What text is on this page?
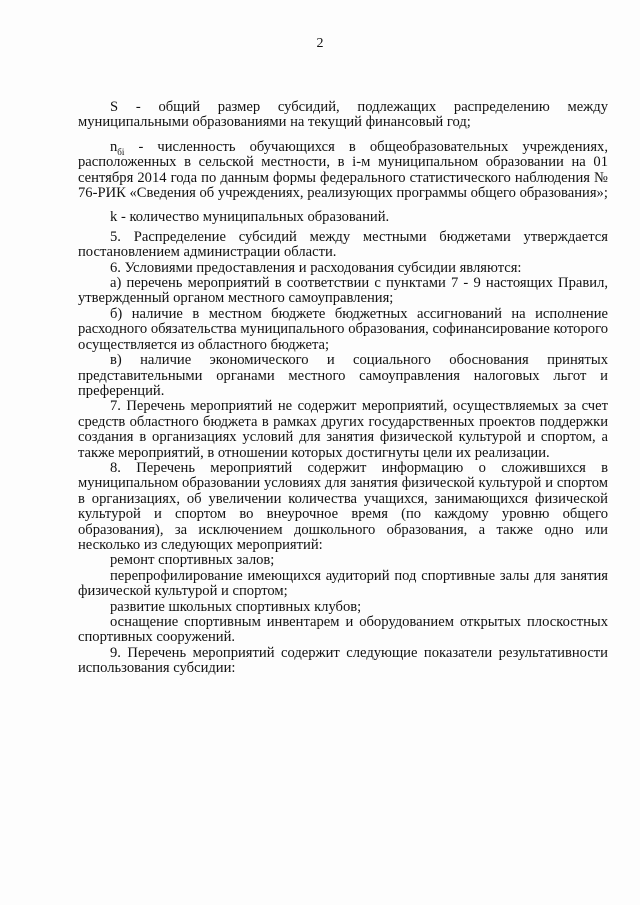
2

S - общий размер субсидий, подлежащих распределению между муниципальными образованиями на текущий финансовый год;

$n_{бi}$ - численность обучающихся в общеобразовательных учреждениях, расположенных в сельской местности, в i-м муниципальном образовании на 01 сентября 2014 года по данным формы федерального статистического наблюдения № 76-РИК «Сведения об учреждениях, реализующих программы общего образования»;

k - количество муниципальных образований.

5. Распределение субсидий между местными бюджетами утверждается постановлением администрации области.

6. Условиями предоставления и расходования субсидии являются:

а) перечень мероприятий в соответствии с пунктами 7 - 9 настоящих Правил, утвержденный органом местного самоуправления;

б) наличие в местном бюджете бюджетных ассигнований на исполнение расходного обязательства муниципального образования, софинансирование которого осуществляется из областного бюджета;

в) наличие экономического и социального обоснования принятых представительными органами местного самоуправления налоговых льгот и преференций.

7. Перечень мероприятий не содержит мероприятий, осуществляемых за счет средств областного бюджета в рамках других государственных проектов поддержки создания в организациях условий для занятия физической культурой и спортом, а также мероприятий, в отношении которых достигнуты цели их реализации.

8. Перечень мероприятий содержит информацию о сложившихся в муниципальном образовании условиях для занятия физической культурой и спортом в организациях, об увеличении количества учащихся, занимающихся физической культурой и спортом во внеурочное время (по каждому уровню общего образования), за исключением дошкольного образования, а также одно или несколько из следующих мероприятий:

ремонт спортивных залов;

перепрофилирование имеющихся аудиторий под спортивные залы для занятия физической культурой и спортом;

развитие школьных спортивных клубов;

оснащение спортивным инвентарем и оборудованием открытых плоскостных спортивных сооружений.

9. Перечень мероприятий содержит следующие показатели результативности использования субсидии:
